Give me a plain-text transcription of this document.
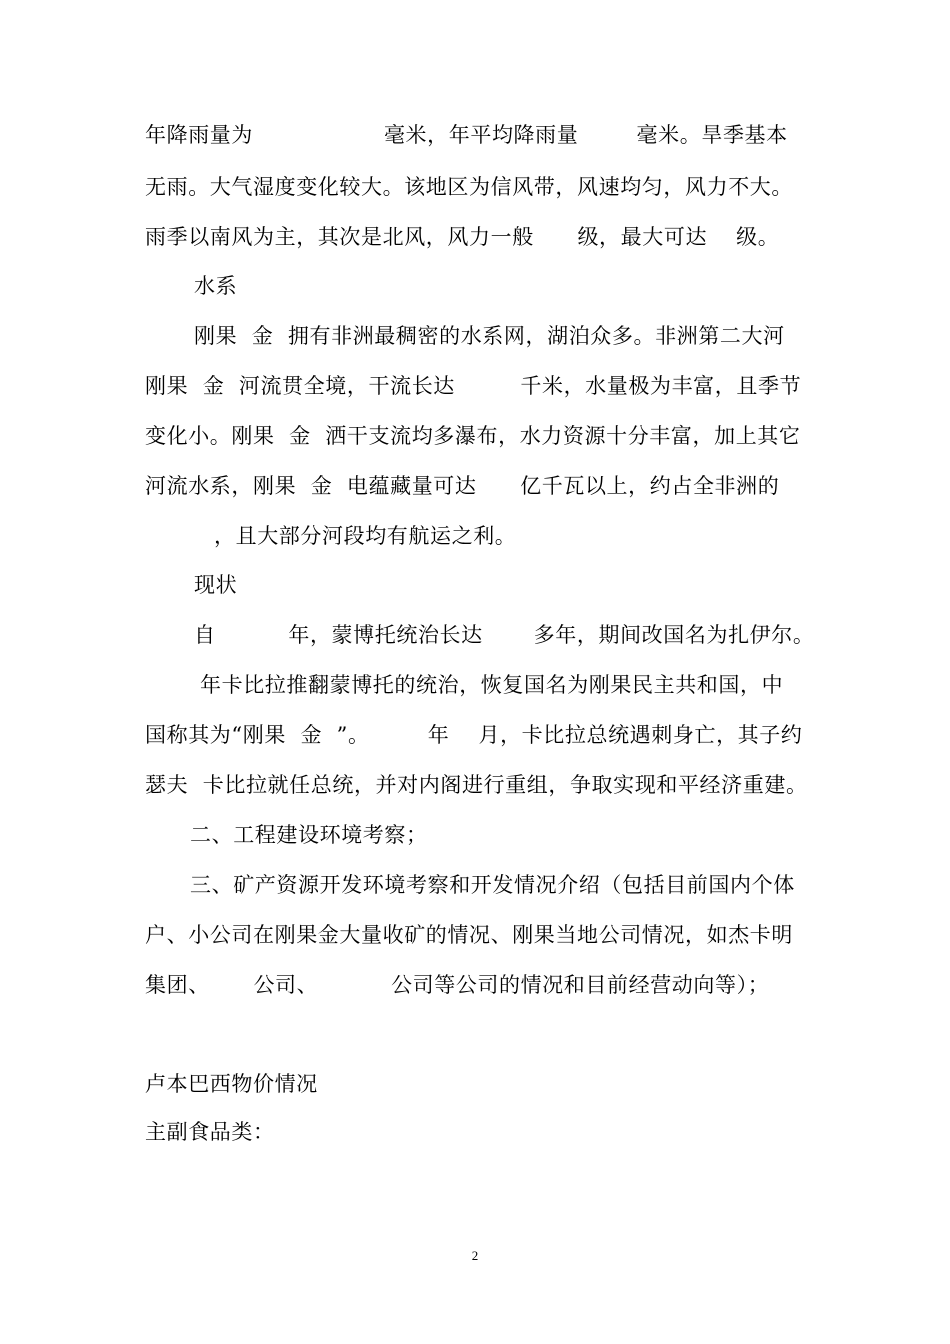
年降雨量为                  毫米，年平均降雨量        毫米。旱季基本
无雨。大气湿度变化较大。该地区为信风带，风速均匀，风力不大。
雨季以南风为主，其次是北风，风力一般      级，最大可达    级。
水系
刚果  金  拥有非洲最稠密的水系网，湖泊众多。非洲第二大河
刚果  金  河流贯全境，干流长达         千米，水量极为丰富，且季节
变化小。刚果  金  洒干支流均多瀑布，水力资源十分丰富，加上其它
河流水系，刚果  金  电蕴藏量可达      亿千瓦以上，约占全非洲的
，且大部分河段均有航运之利。
现状
自          年，蒙博托统治长达       多年，期间改国名为扎伊尔。
年卡比拉推翻蒙博托的统治，恢复国名为刚果民主共和国，中
国称其为“刚果  金  ”。        年    月，卡比拉总统遇刺身亡，其子约
瑟夫  卡比拉就任总统，并对内阁进行重组，争取实现和平经济重建。
二、工程建设环境考察；
三、矿产资源开发环境考察和开发情况介绍（包括目前国内个体
户、小公司在刚果金大量收矿的情况、刚果当地公司情况，如杰卡明
集团、      公司、          公司等公司的情况和目前经营动向等）；
卢本巴西物价情况
主副食品类：
2
